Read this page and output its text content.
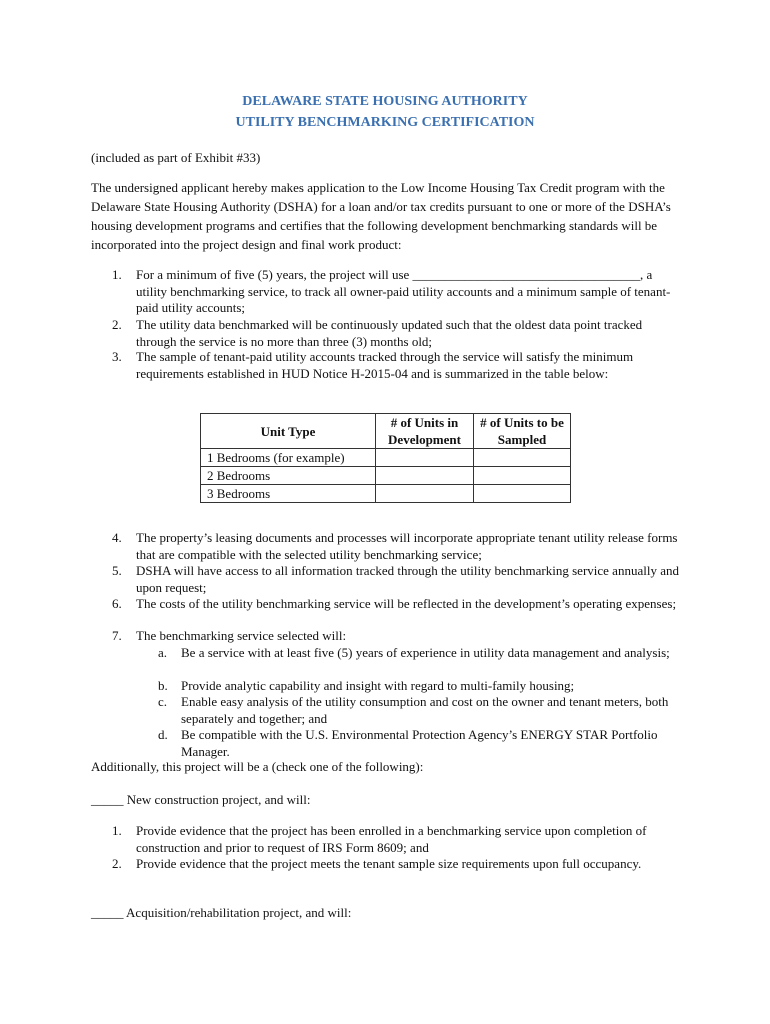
DELAWARE STATE HOUSING AUTHORITY
UTILITY BENCHMARKING CERTIFICATION
(included as part of Exhibit #33)
The undersigned applicant hereby makes application to the Low Income Housing Tax Credit program with the Delaware State Housing Authority (DSHA) for a loan and/or tax credits pursuant to one or more of the DSHA’s housing development programs and certifies that the following development benchmarking standards will be incorporated into the project design and final work product:
1. For a minimum of five (5) years, the project will use ___________________________________, a utility benchmarking service, to track all owner-paid utility accounts and a minimum sample of tenant-paid utility accounts;
2. The utility data benchmarked will be continuously updated such that the oldest data point tracked through the service is no more than three (3) months old;
3. The sample of tenant-paid utility accounts tracked through the service will satisfy the minimum requirements established in HUD Notice H-2015-04 and is summarized in the table below:
Unit Type	# of Units in Development	# of Units to be Sampled
1 Bedrooms (for example)		
2 Bedrooms		
3 Bedrooms		
4. The property’s leasing documents and processes will incorporate appropriate tenant utility release forms that are compatible with the selected utility benchmarking service;
5. DSHA will have access to all information tracked through the utility benchmarking service annually and upon request;
6. The costs of the utility benchmarking service will be reflected in the development’s operating expenses;
7. The benchmarking service selected will:
a. Be a service with at least five (5) years of experience in utility data management and analysis;
b. Provide analytic capability and insight with regard to multi-family housing;
c. Enable easy analysis of the utility consumption and cost on the owner and tenant meters, both separately and together; and
d. Be compatible with the U.S. Environmental Protection Agency’s ENERGY STAR Portfolio Manager.
Additionally, this project will be a (check one of the following):
_____ New construction project, and will:
1. Provide evidence that the project has been enrolled in a benchmarking service upon completion of construction and prior to request of IRS Form 8609; and
2. Provide evidence that the project meets the tenant sample size requirements upon full occupancy.
_____ Acquisition/rehabilitation project, and will:
